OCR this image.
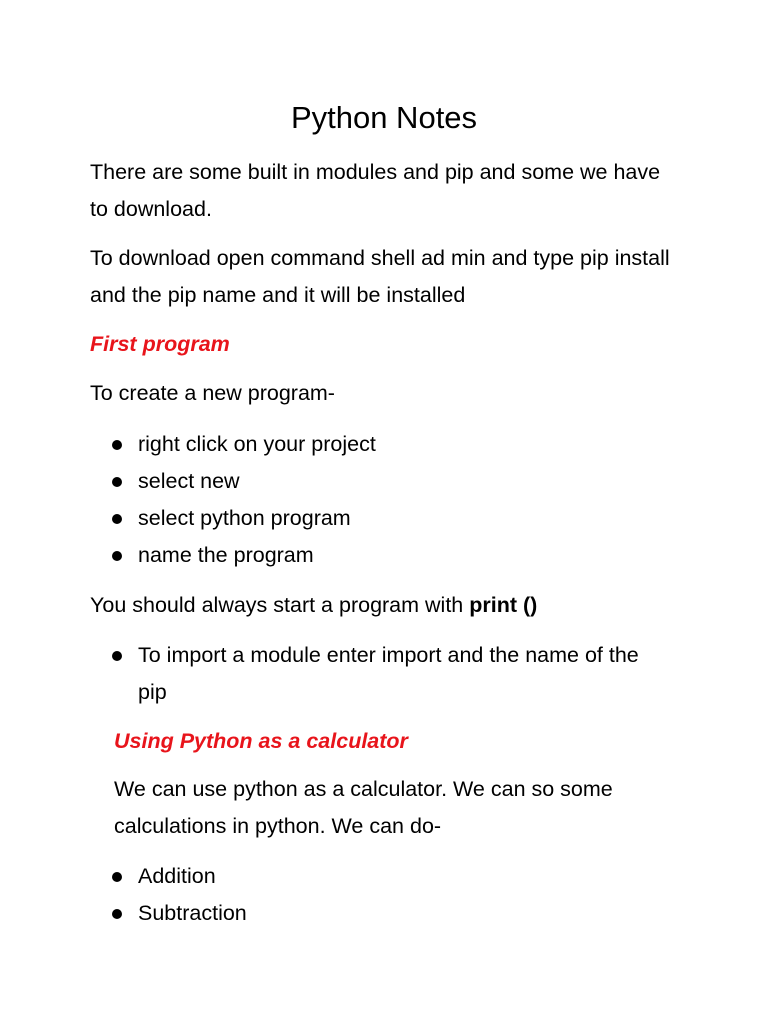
Python Notes

There are some built in modules and pip and some we have to download.

To download open command shell ad min and type pip install and the pip name and it will be installed

First program

To create a new program-

right click on your project
select new
select python program
name the program

You should always start a program with print ()

To import a module enter import and the name of the pip
Using Python as a calculator

We can use python as a calculator. We can so some calculations in python. We can do-

Addition
Subtraction
